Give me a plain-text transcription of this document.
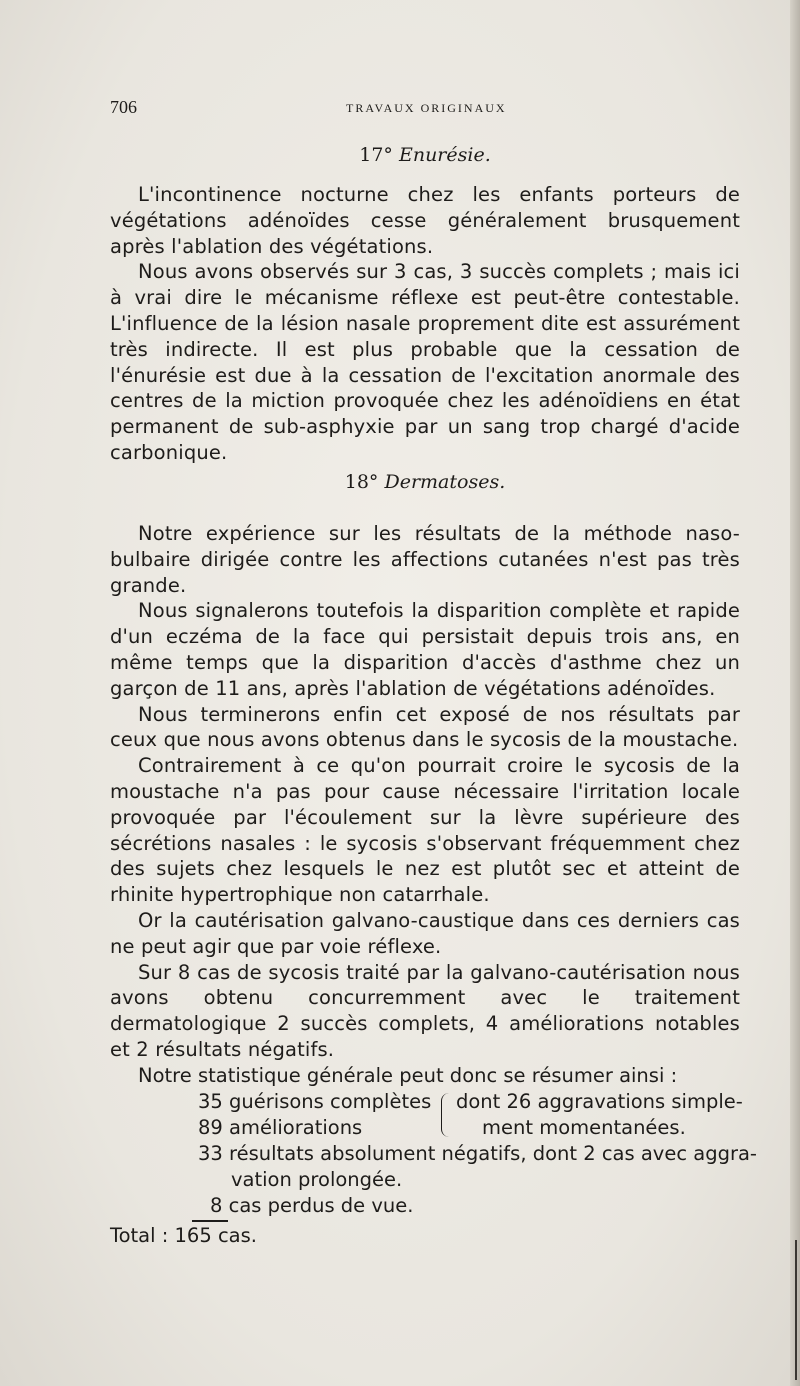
706	TRAVAUX ORIGINAUX
17° Enurésie.

L'incontinence nocturne chez les enfants porteurs de végétations adénoïdes cesse généralement brusquement après l'ablation des végétations.

Nous avons observés sur 3 cas, 3 succès complets ; mais ici à vrai dire le mécanisme réflexe est peut-être contestable. L'influence de la lésion nasale proprement dite est assurément très indirecte. Il est plus probable que la cessation de l'énurésie est due à la cessation de l'excitation anormale des centres de la miction provoquée chez les adénoïdiens en état permanent de sub-asphyxie par un sang trop chargé d'acide carbonique.

18° Dermatoses.

Notre expérience sur les résultats de la méthode naso-bulbaire dirigée contre les affections cutanées n'est pas très grande.

Nous signalerons toutefois la disparition complète et rapide d'un eczéma de la face qui persistait depuis trois ans, en même temps que la disparition d'accès d'asthme chez un garçon de 11 ans, après l'ablation de végétations adénoïdes.

Nous terminerons enfin cet exposé de nos résultats par ceux que nous avons obtenus dans le sycosis de la moustache.

Contrairement à ce qu'on pourrait croire le sycosis de la moustache n'a pas pour cause nécessaire l'irritation locale provoquée par l'écoulement sur la lèvre supérieure des sécrétions nasales : le sycosis s'observant fréquemment chez des sujets chez lesquels le nez est plutôt sec et atteint de rhinite hypertrophique non catarrhale.

Or la cautérisation galvano-caustique dans ces derniers cas ne peut agir que par voie réflexe.

Sur 8 cas de sycosis traité par la galvano-cautérisation nous avons obtenu concurremment avec le traitement dermatologique 2 succès complets, 4 améliorations notables et 2 résultats négatifs.

Notre statistique générale peut donc se résumer ainsi :
35 guérisons complètes
89 améliorations
dont 26 aggravations simple-
ment momentanées.
33 résultats absolument négatifs, dont 2 cas avec aggra-
vation prolongée.
8 cas perdus de vue.
Total : 165 cas.
